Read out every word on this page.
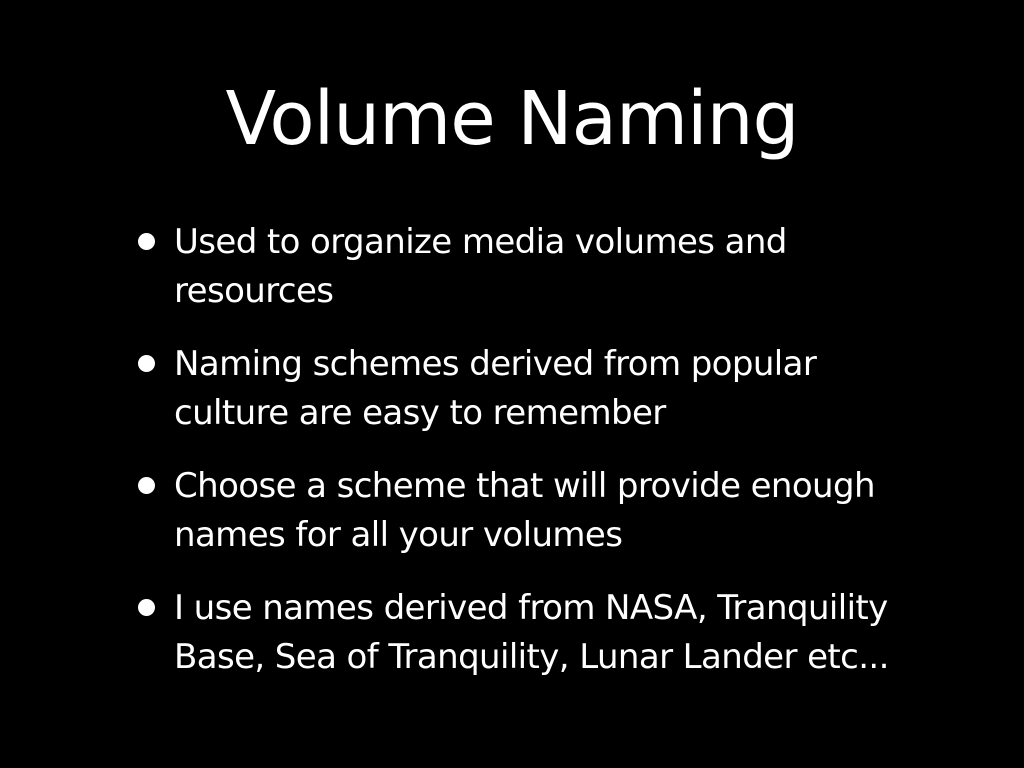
Volume Naming
Used to organize media volumes and resources
Naming schemes derived from popular culture are easy to remember
Choose a scheme that will provide enough names for all your volumes
I use names derived from NASA, Tranquility Base, Sea of Tranquility, Lunar Lander etc...
